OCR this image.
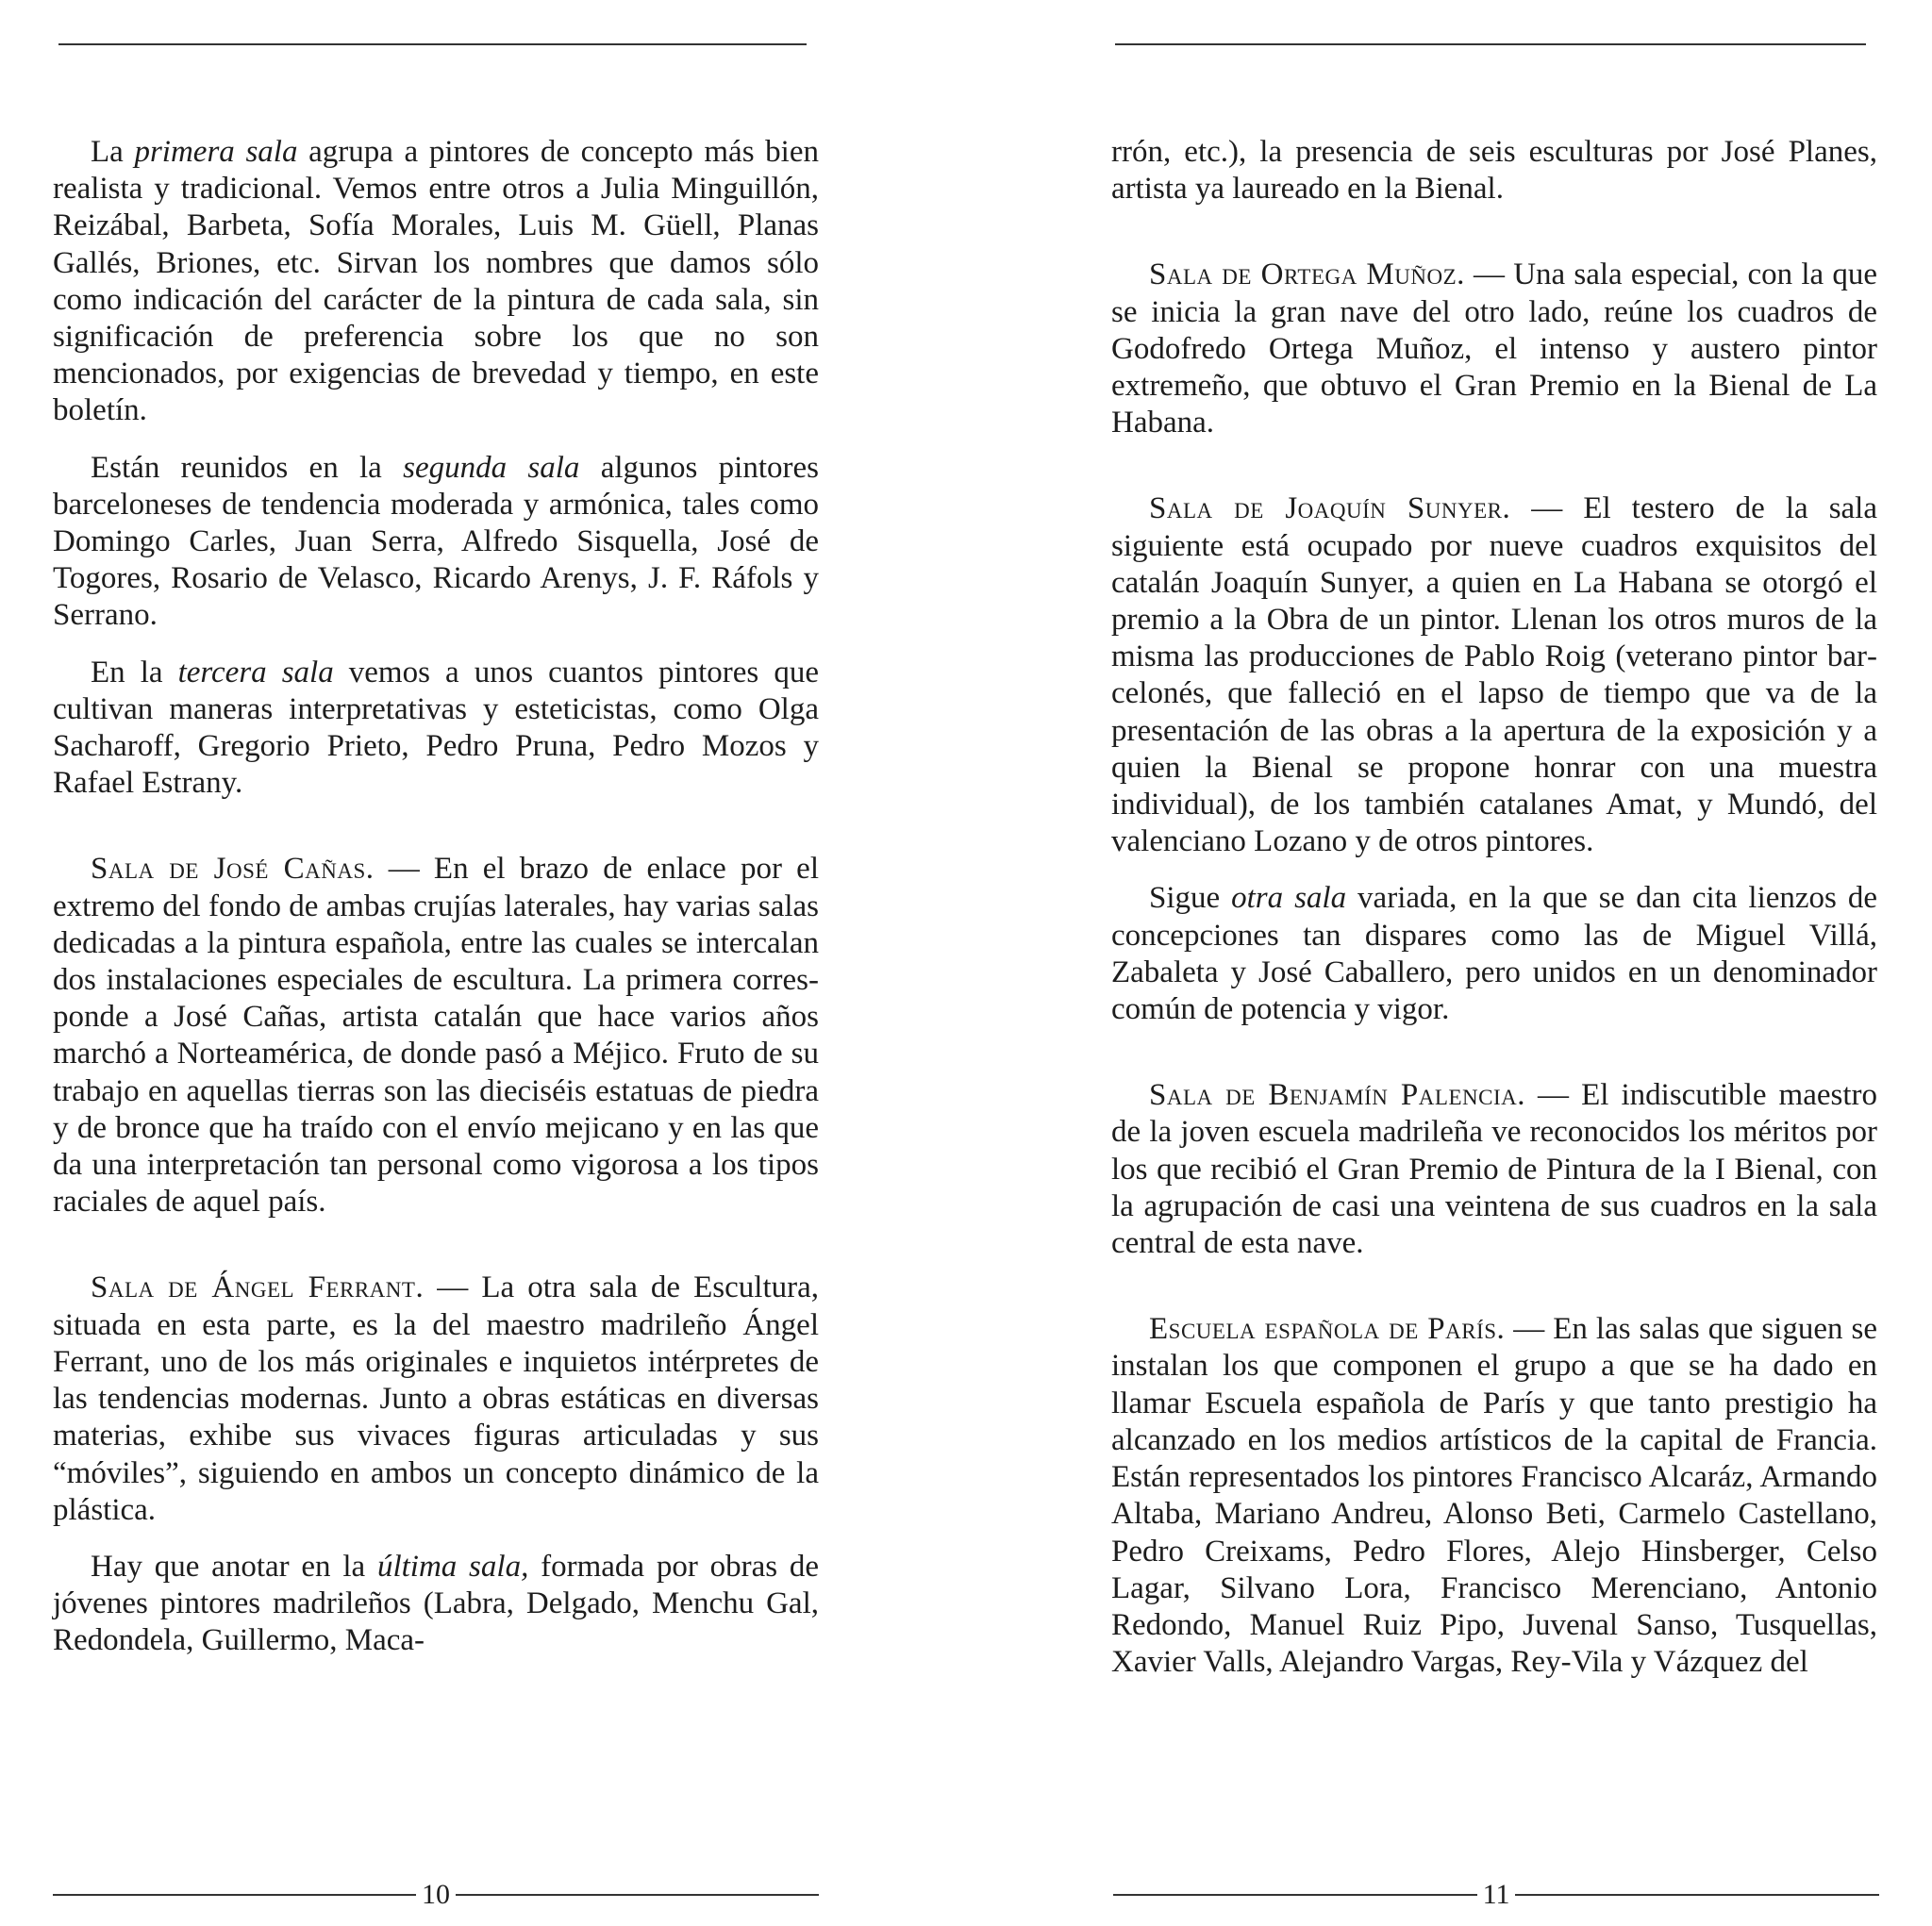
La primera sala agrupa a pintores de concepto más bien realista y tradicional. Vemos entre otros a Julia Minguillón, Reizábal, Barbeta, Sofía Morales, Luis M. Güell, Planas Gallés, Briones, etc. Sirvan los nombres que damos sólo como indicación del carácter de la pintura de cada sala, sin significación de preferencia sobre los que no son mencionados, por exigencias de brevedad y tiempo, en este boletín.

Están reunidos en la segunda sala algunos pintores barceloneses de tendencia moderada y armónica, tales como Domingo Carles, Juan Serra, Alfredo Sisquella, José de Togores, Rosario de Velasco, Ricardo Arenys, J. F. Ráfols y Serrano.

En la tercera sala vemos a unos cuantos pintores que cultivan maneras interpretativas y esteticistas, como Olga Sacharoff, Gregorio Prieto, Pedro Pruna, Pedro Mozos y Rafael Estrany.

Sala de José Cañas. — En el brazo de enlace por el extremo del fondo de ambas crujías laterales, hay varias salas dedicadas a la pintura española, entre las cuales se intercalan dos instalaciones especiales de escultura. La primera corresponde a José Cañas, artista catalán que hace varios años marchó a Norteamérica, de donde pasó a Méjico. Fruto de su trabajo en aquellas tierras son las dieciséis estatuas de piedra y de bronce que ha traído con el envío mejicano y en las que da una interpretación tan personal como vigorosa a los tipos raciales de aquel país.

Sala de Ángel Ferrant. — La otra sala de Escultura, situada en esta parte, es la del maestro madrileño Ángel Ferrant, uno de los más originales e inquietos intérpretes de las tendencias modernas. Junto a obras estáticas en diversas materias, exhibe sus vivaces figuras articuladas y sus “móviles”, siguiendo en ambos un concepto dinámico de la plástica.

Hay que anotar en la última sala, formada por obras de jóvenes pintores madrileños (Labra, Delgado, Menchu Gal, Redondela, Guillermo, Maca-

10

rrón, etc.), la presencia de seis esculturas por José Planes, artista ya laureado en la Bienal.

Sala de Ortega Muñoz. — Una sala especial, con la que se inicia la gran nave del otro lado, reúne los cuadros de Godofredo Ortega Muñoz, el intenso y austero pintor extremeño, que obtuvo el Gran Premio en la Bienal de La Habana.

Sala de Joaquín Sunyer. — El testero de la sala siguiente está ocupado por nueve cuadros exquisitos del catalán Joaquín Sunyer, a quien en La Habana se otorgó el premio a la Obra de un pintor. Llenan los otros muros de la misma las producciones de Pablo Roig (veterano pintor barcelonés, que falleció en el lapso de tiempo que va de la presentación de las obras a la apertura de la exposición y a quien la Bienal se propone honrar con una muestra individual), de los también catalanes Amat, y Mundó, del valenciano Lozano y de otros pintores.

Sigue otra sala variada, en la que se dan cita lienzos de concepciones tan dispares como las de Miguel Villá, Zabaleta y José Caballero, pero unidos en un denominador común de potencia y vigor.

Sala de Benjamín Palencia. — El indiscutible maestro de la joven escuela madrileña ve reconocidos los méritos por los que recibió el Gran Premio de Pintura de la I Bienal, con la agrupación de casi una veintena de sus cuadros en la sala central de esta nave.

Escuela española de París. — En las salas que siguen se instalan los que componen el grupo a que se ha dado en llamar Escuela española de París y que tanto prestigio ha alcanzado en los medios artísticos de la capital de Francia. Están representados los pintores Francisco Alcaráz, Armando Altaba, Mariano Andreu, Alonso Beti, Carmelo Castellano, Pedro Creixams, Pedro Flores, Alejo Hinsberger, Celso Lagar, Silvano Lora, Francisco Merenciano, Antonio Redondo, Manuel Ruiz Pipo, Juvenal Sanso, Tusquellas, Xavier Valls, Alejandro Vargas, Rey-Vila y Vázquez del

11
